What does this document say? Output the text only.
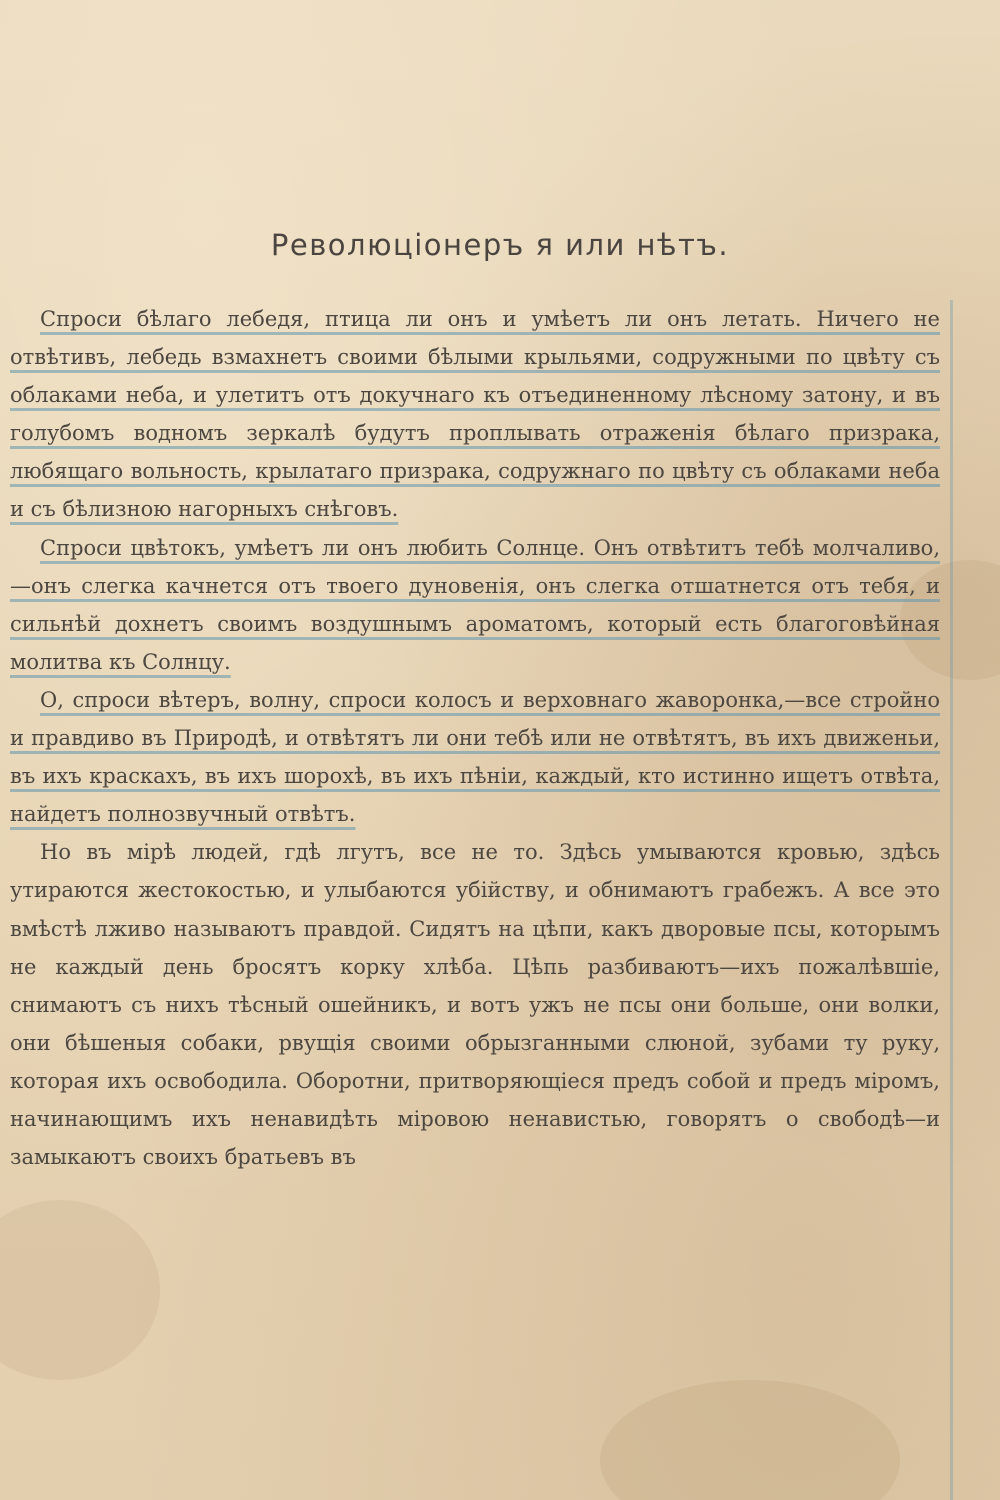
Революціонеръ я или нѣтъ.

Спроси бѣлаго лебедя, птица ли онъ и умѣетъ ли онъ летать. Ничего не отвѣтивъ, лебедь взмахнетъ своими бѣлыми крыльями, содружными по цвѣту съ облаками неба, и улетитъ отъ докучнаго къ отъединенному лѣсному затону, и въ голубомъ водномъ зеркалѣ будутъ проплывать отраженія бѣлаго призрака, любящаго вольность, крылатаго призрака, содружнаго по цвѣту съ облаками неба и съ бѣлизною нагорныхъ снѣговъ.

Спроси цвѣтокъ, умѣетъ ли онъ любить Солнце. Онъ отвѣтитъ тебѣ молчаливо,—онъ слегка качнется отъ твоего дуновенія, онъ слегка отшатнется отъ тебя, и сильнѣй дохнетъ своимъ воздушнымъ ароматомъ, который есть благоговѣйная молитва къ Солнцу.

О, спроси вѣтеръ, волну, спроси колосъ и верховнаго жаворонка,—все стройно и правдиво въ Природѣ, и отвѣтятъ ли они тебѣ или не отвѣтятъ, въ ихъ движеньи, въ ихъ краскахъ, въ ихъ шорохѣ, въ ихъ пѣніи, каждый, кто истинно ищетъ отвѣта, найдетъ полнозвучный отвѣтъ.

Но въ мірѣ людей, гдѣ лгутъ, все не то. Здѣсь умываются кровью, здѣсь утираются жестокостью, и улыбаются убійству, и обнимаютъ грабежъ. А все это вмѣстѣ лживо называютъ правдой. Сидятъ на цѣпи, какъ дворовые псы, которымъ не каждый день бросятъ корку хлѣба. Цѣпь разбиваютъ—ихъ пожалѣвшіе, снимаютъ съ нихъ тѣсный ошейникъ, и вотъ ужъ не псы они больше, они волки, они бѣшеныя собаки, рвущія своими обрызганными слюной, зубами ту руку, которая ихъ освободила. Оборотни, притворяющіеся предъ собой и предъ міромъ, начинающимъ ихъ ненавидѣть міровою ненавистью, говорятъ о свободѣ—и замыкаютъ своихъ братьевъ въ
